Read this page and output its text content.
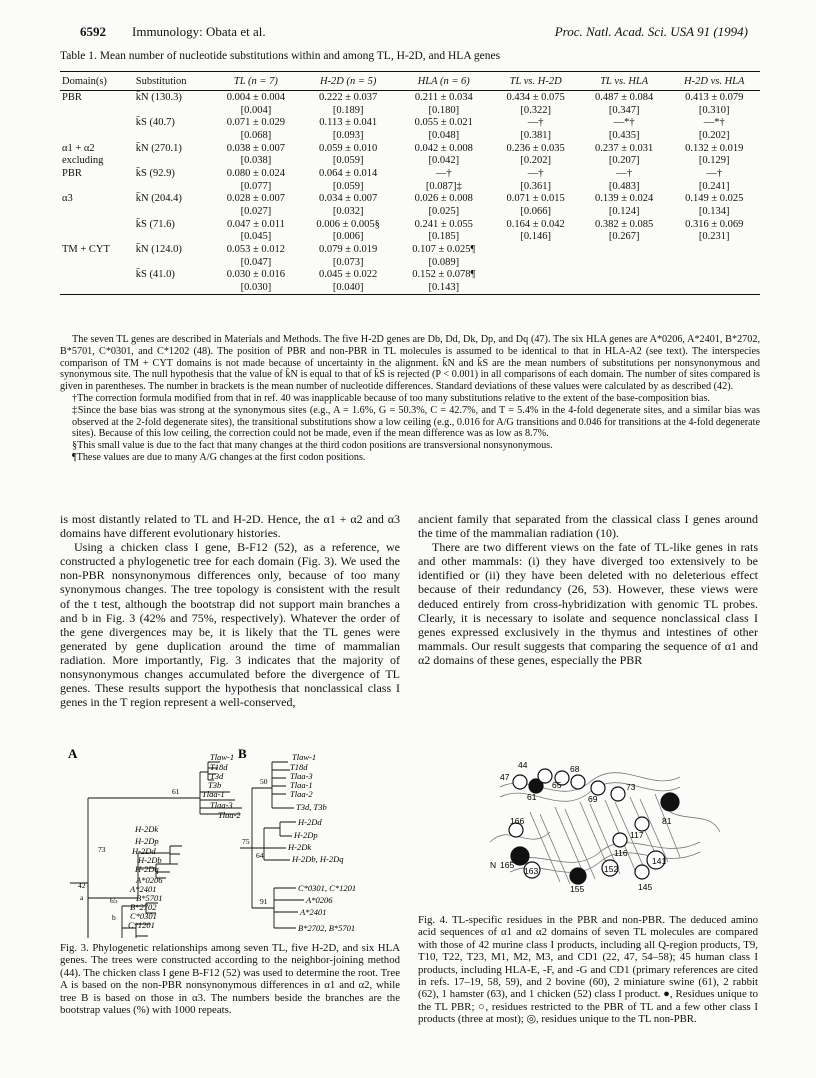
6592 Immunology: Obata et al.	Proc. Natl. Acad. Sci. USA 91 (1994)
Table 1. Mean number of nucleotide substitutions within and among TL, H-2D, and HLA genes
Domain(s)	Substitution	TL (n = 7)	H-2D (n = 5)	HLA (n = 6)	TL vs. H-2D	TL vs. HLA	H-2D vs. HLA
PBR	k̄N (130.3)	0.004 ± 0.004	0.222 ± 0.037	0.211 ± 0.034	0.434 ± 0.075	0.487 ± 0.084	0.413 ± 0.079
		[0.004]	[0.189]	[0.180]	[0.322]	[0.347]	[0.310]
	k̄S (40.7)	0.071 ± 0.029	0.113 ± 0.041	0.055 ± 0.021	—†	—*†	—*†
		[0.068]	[0.093]	[0.048]	[0.381]	[0.435]	[0.202]
α1 + α2	k̄N (270.1)	0.038 ± 0.007	0.059 ± 0.010	0.042 ± 0.008	0.236 ± 0.035	0.237 ± 0.031	0.132 ± 0.019
excluding		[0.038]	[0.059]	[0.042]	[0.202]	[0.207]	[0.129]
PBR	k̄S (92.9)	0.080 ± 0.024	0.064 ± 0.014	—†	—†	—†	—†
		[0.077]	[0.059]	[0.087]‡	[0.361]	[0.483]	[0.241]
α3	k̄N (204.4)	0.028 ± 0.007	0.034 ± 0.007	0.026 ± 0.008	0.071 ± 0.015	0.139 ± 0.024	0.149 ± 0.025
		[0.027]	[0.032]	[0.025]	[0.066]	[0.124]	[0.134]
	k̄S (71.6)	0.047 ± 0.011	0.006 ± 0.005§	0.241 ± 0.055	0.164 ± 0.042	0.382 ± 0.085	0.316 ± 0.069
		[0.045]	[0.006]	[0.185]	[0.146]	[0.267]	[0.231]
TM + CYT	k̄N (124.0)	0.053 ± 0.012	0.079 ± 0.019	0.107 ± 0.025¶			
		[0.047]	[0.073]	[0.089]			
	k̄S (41.0)	0.030 ± 0.016	0.045 ± 0.022	0.152 ± 0.078¶			
		[0.030]	[0.040]	[0.143]			

The seven TL genes are described in Materials and Methods. The five H-2D genes are Db, Dd, Dk, Dp, and Dq (47). The six HLA genes are A*0206, A*2401, B*2702, B*5701, C*0301, and C*1202 (48). The position of PBR and non-PBR in TL molecules is assumed to be identical to that in HLA-A2 (see text). The interspecies comparison of TM + CYT domains is not made because of uncertainty in the alignment. k̄N and k̄S are the mean numbers of substitutions per nonsynonymous and synonymous site. The null hypothesis that the value of k̄N is equal to that of k̄S is rejected (P < 0.001) in all comparisons of each domain. The number of sites compared is given in parentheses. The number in brackets is the mean number of nucleotide differences. Standard deviations of these values were calculated by as described (42).

†The correction formula modified from that in ref. 40 was inapplicable because of too many substitutions relative to the extent of the base-composition bias.

‡Since the base bias was strong at the synonymous sites (e.g., A = 1.6%, G = 50.3%, C = 42.7%, and T = 5.4% in the 4-fold degenerate sites, and a similar bias was observed at the 2-fold degenerate sites), the transitional substitutions show a low ceiling (e.g., 0.016 for A/G transitions and 0.046 for transitions at the 4-fold degenerate sites). Because of this low ceiling, the correction could not be made, even if the mean difference was as low as 8.7%.

§This small value is due to the fact that many changes at the third codon positions are transversional nonsynonymous.

¶These values are due to many A/G changes at the first codon positions.

is most distantly related to TL and H-2D. Hence, the α1 + α2 and α3 domains have different evolutionary histories.

Using a chicken class I gene, B-F12 (52), as a reference, we constructed a phylogenetic tree for each domain (Fig. 3). We used the non-PBR nonsynonymous differences only, because of too many synonymous changes. The tree topology is consistent with the result of the t test, although the bootstrap did not support main branches a and b in Fig. 3 (42% and 75%, respectively). Whatever the order of the gene divergences may be, it is likely that the TL genes were generated by gene duplication around the time of mammalian radiation. More importantly, Fig. 3 indicates that the majority of nonsynonymous changes accumulated before the divergence of TL genes. These results support the hypothesis that nonclassical class I genes in the T region represent a well-conserved,

ancient family that separated from the classical class I genes around the time of the mammalian radiation (10).

There are two different views on the fate of TL-like genes in rats and other mammals: (i) they have diverged too extensively to be identified or (ii) they have been deleted with no deleterious effect because of their redundancy (26, 53). However, these views were deduced entirely from cross-hybridization with genomic TL probes. Clearly, it is necessary to isolate and sequence nonclassical class I genes expressed exclusively in the thymus and intestines of other mammals. Our result suggests that comparing the sequence of α1 and α2 domains of these genes, especially the PBR

A	B
Tlaw-1
T18d
T3d
T3b
Tlaa-1
Tlaa-3
Tlaa-2
H-2Dk
H-2Dp
H-2Dd
H-2Db
H-2Dq
A*0206
A*2401
B*5701
B*2702
C*0301
C*1201
61
73
42
a	65
b
Tlaw-1
T18d
Tlaa-3
Tlaa-1
Tlaa-2
T3d, T3b
H-2Dd
H-2Dp
H-2Dk
H-2Db, H-2Dq
C*0301, C*1201
A*0206
A*2401
B*2702, B*5701
50
75
64
91
Fig. 3. Phylogenetic relationships among seven TL, five H-2D, and six HLA genes. The trees were constructed according to the neighbor-joining method (44). The chicken class I gene B-F12 (52) was used to determine the root. Tree A is based on the non-PBR nonsynonymous differences in α1 and α2, while tree B is based on those in α3. The numbers beside the branches are the bootstrap values (%) with 1000 repeats.
44
47
61
65
68
69
73
117
81
166
116
165
163
155
152
141
145
N
Fig. 4. TL-specific residues in the PBR and non-PBR. The deduced amino acid sequences of α1 and α2 domains of seven TL molecules are compared with those of 42 murine class I products, including all Q-region products, T9, T10, T22, T23, M1, M2, M3, and CD1 (22, 47, 54–58); 45 human class I products, including HLA-E, -F, and -G and CD1 (primary references are cited in refs. 17–19, 58, 59), and 2 bovine (60), 2 miniature swine (61), 2 rabbit (62), 1 hamster (63), and 1 chicken (52) class I product. ●, Residues unique to the TL PBR; ○, residues restricted to the PBR of TL and a few other class I products (three at most); ◎, residues unique to the TL non-PBR.
